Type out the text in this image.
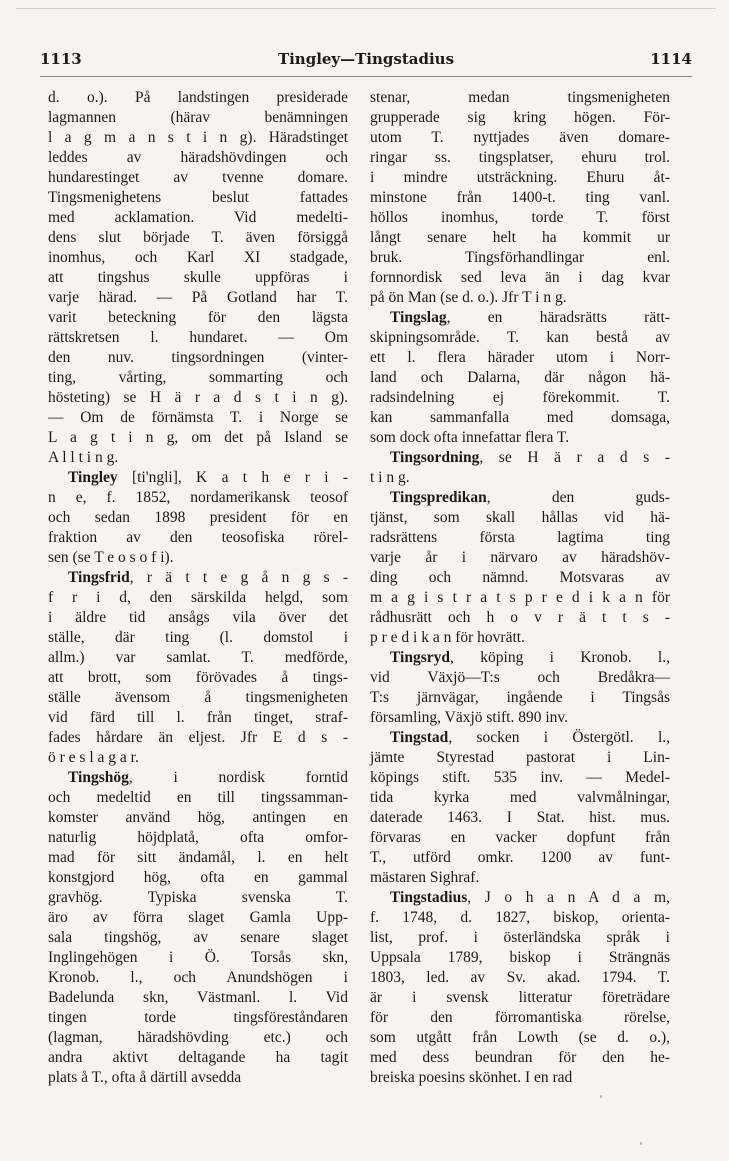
1113	Tingley—Tingstadius	1114
d. o.). På landstingen presiderade
lagmannen (härav benämningen
l a g m a n s t i n g). Häradstinget
leddes av häradshövdingen och
hundarestinget av tvenne domare.
Tingsmenighetens beslut fattades
med acklamation. Vid medelti-
dens slut började T. även försiggå
inomhus, och Karl XI stadgade,
att tingshus skulle uppföras i
varje härad. — På Gotland har T.
varit beteckning för den lägsta
rättskretsen l. hundaret. — Om
den nuv. tingsordningen (vinter-
ting, vårting, sommarting och
hösteting) se H ä r a d s t i n g).
— Om de förnämsta T. i Norge se
L a g t i n g, om det på Island se
A l l t i n g.
Tingley [ti'ngli], K a t h e r i -
n e, f. 1852, nordamerikansk teosof
och sedan 1898 president för en
fraktion av den teosofiska rörel-
sen (se T e o s o f i).
Tingsfrid, r ä t t e g å n g s -
f r i d, den särskilda helgd, som
i äldre tid ansågs vila över det
ställe, där ting (l. domstol i
allm.) var samlat. T. medförde,
att brott, som förövades å tings-
ställe ävensom å tingsmenigheten
vid färd till l. från tinget, straf-
fades hårdare än eljest. Jfr E d s -
ö r e s l a g a r.
Tingshög, i nordisk forntid
och medeltid en till tingssamman-
komster använd hög, antingen en
naturlig höjdplatå, ofta omfor-
mad för sitt ändamål, l. en helt
konstgjord hög, ofta en gammal
gravhög. Typiska svenska T.
äro av förra slaget Gamla Upp-
sala tingshög, av senare slaget
Inglingehögen i Ö. Torsås skn,
Kronob. l., och Anundshögen i
Badelunda skn, Västmanl. l. Vid
tingen torde tingsföreståndaren
(lagman, häradshövding etc.) och
andra aktivt deltagande ha tagit
plats å T., ofta å därtill avsedda
stenar, medan tingsmenigheten
grupperade sig kring högen. För-
utom T. nyttjades även domare-
ringar ss. tingsplatser, ehuru trol.
i mindre utsträckning. Ehuru åt-
minstone från 1400-t. ting vanl.
höllos inomhus, torde T. först
långt senare helt ha kommit ur
bruk. Tingsförhandlingar enl.
fornnordisk sed leva än i dag kvar
på ön Man (se d. o.). Jfr T i n g.
Tingslag, en häradsrätts rätt-
skipningsområde. T. kan bestå av
ett l. flera härader utom i Norr-
land och Dalarna, där någon hä-
radsindelning ej förekommit. T.
kan sammanfalla med domsaga,
som dock ofta innefattar flera T.
Tingsordning, se H ä r a d s -
t i n g.
Tingspredikan, den guds-
tjänst, som skall hållas vid hä-
radsrättens första lagtima ting
varje år i närvaro av häradshöv-
ding och nämnd. Motsvaras av
m a g i s t r a t s p r e d i k a n för
rådhusrätt och h o v r ä t t s -
p r e d i k a n för hovrätt.
Tingsryd, köping i Kronob. l.,
vid Växjö—T:s och Bredåkra—
T:s järnvägar, ingående i Tingsås
församling, Växjö stift. 890 inv.
Tingstad, socken i Östergötl. l.,
jämte Styrestad pastorat i Lin-
köpings stift. 535 inv. — Medel-
tida kyrka med valvmålningar,
daterade 1463. I Stat. hist. mus.
förvaras en vacker dopfunt från
T., utförd omkr. 1200 av funt-
mästaren Sighraf.
Tingstadius, J o h a n A d a m,
f. 1748, d. 1827, biskop, orienta-
list, prof. i österländska språk i
Uppsala 1789, biskop i Strängnäs
1803, led. av Sv. akad. 1794. T.
är i svensk litteratur företrädare
för den förromantiska rörelse,
som utgått från Lowth (se d. o.),
med dess beundran för den he-
breiska poesins skönhet. I en rad
